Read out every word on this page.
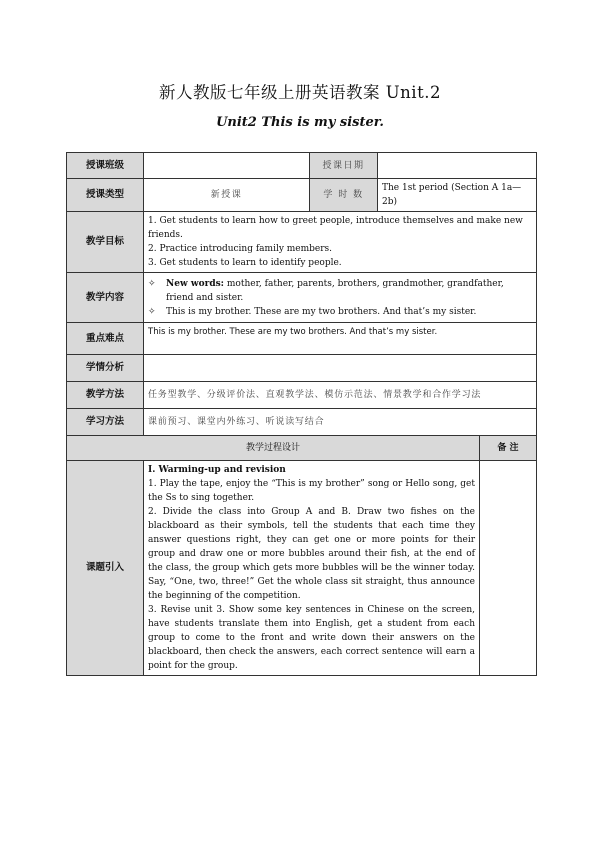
新人教版七年级上册英语教案 Unit.2
Unit2 This is my sister.
授课班级		授课日期		
授课类型	新授课	学 时 数	The 1st period (Section A 1a—2b)	
教学目标	1. Get students to learn how to greet people, introduce themselves and make new friends.
2. Practice introducing family members.
3. Get students to learn to identify people.			

教学内容	✧ New words: mother, father, parents, brothers, grandmother, grandfather, friend and sister.
✧ This is my brother. These are my two brothers. And that’s my sister.			

重点难点	This is my brother. These are my two brothers. And that’s my sister.			
学情分析				
教学方法	任务型教学、分级评价法、直观教学法、模仿示范法、情景教学和合作学习法			
学习方法	课前预习、课堂内外练习、听说读写结合			
教学过程设计				备 注
课题引入	I. Warming-up and revision

1. Play the tape, enjoy the “This is my brother” song or Hello song, get the Ss to sing together.

2. Divide the class into Group A and B. Draw two fishes on the blackboard as their symbols, tell the students that each time they answer questions right, they can get one or more points for their group and draw one or more bubbles around their fish, at the end of the class, the group which gets more bubbles will be the winner today. Say, “One, two, three!” Get the whole class sit straight, thus announce the beginning of the competition.

3. Revise unit 3. Show some key sentences in Chinese on the screen, have students translate them into English, get a student from each group to come to the front and write down their answers on the blackboard, then check the answers, each correct sentence will earn a point for the group.			
